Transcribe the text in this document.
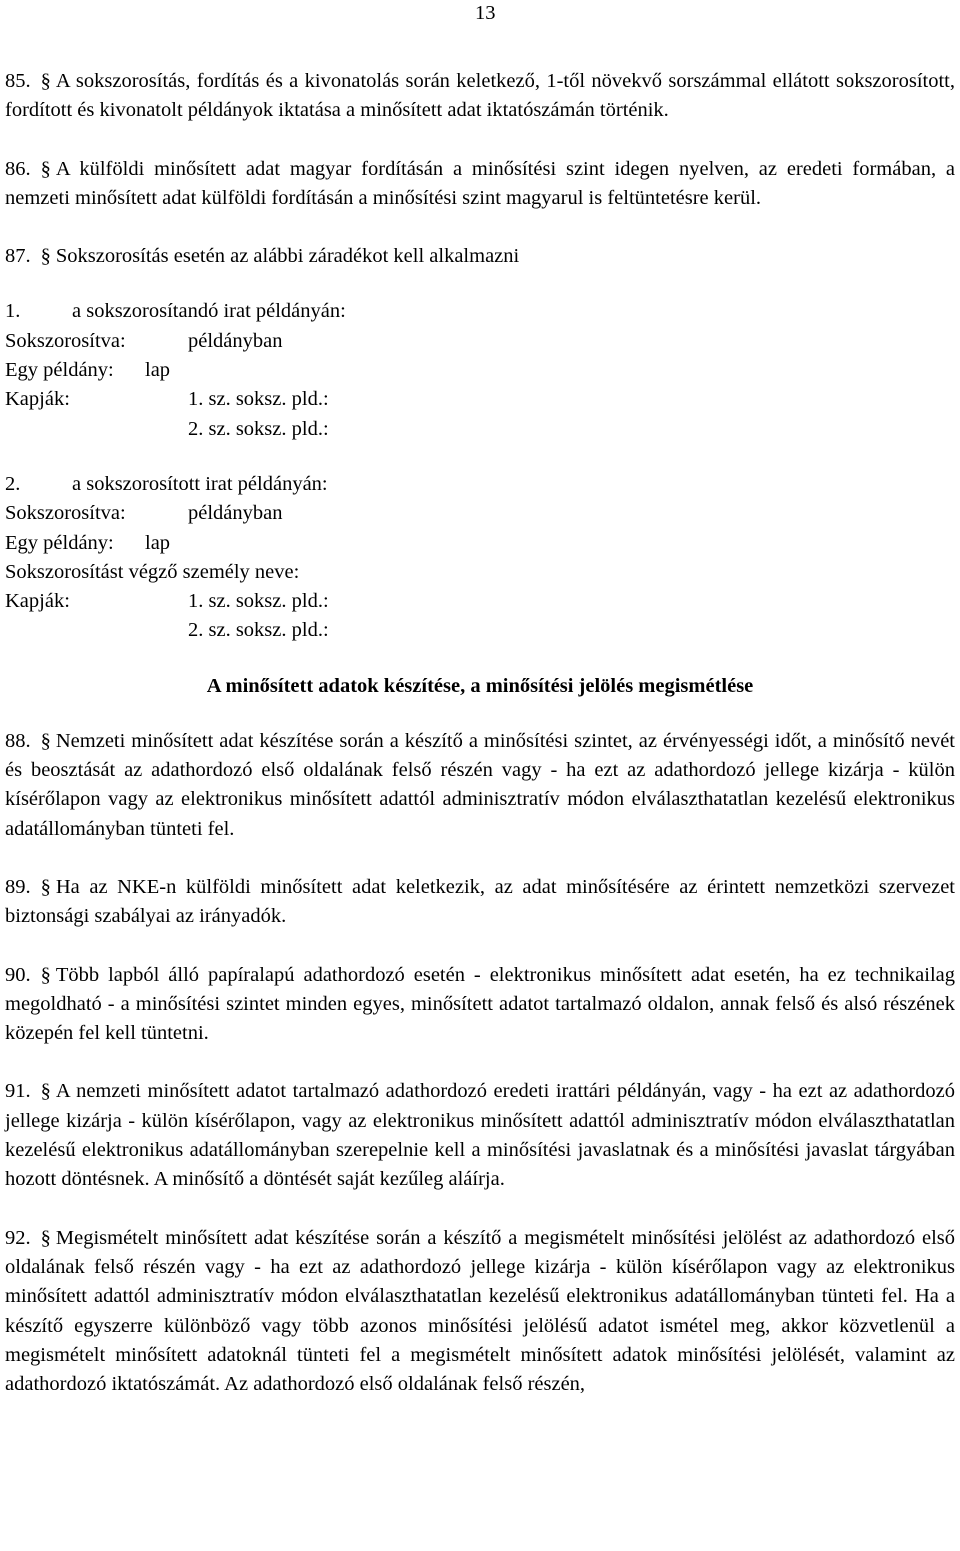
13

85. § A sokszorosítás, fordítás és a kivonatolás során keletkező, 1-től növekvő sorszámmal ellátott sokszorosított, fordított és kivonatolt példányok iktatása a minősített adat iktatószámán történik.

86. § A külföldi minősített adat magyar fordításán a minősítési szint idegen nyelven, az eredeti formában, a nemzeti minősített adat külföldi fordításán a minősítési szint magyarul is feltüntetésre kerül.

87. § Sokszorosítás esetén az alábbi záradékot kell alkalmazni

1.	a sokszorosítandó irat példányán:
Sokszorosítva:	példányban
Egy példány: lap
Kapják:	1. sz. soksz. pld.:
2. sz. soksz. pld.:
2.	a sokszorosított irat példányán:
Sokszorosítva:	példányban
Egy példány: lap
Sokszorosítást végző személy neve:
Kapják:	1. sz. soksz. pld.:
2. sz. soksz. pld.:

A minősített adatok készítése, a minősítési jelölés megismétlése

88. § Nemzeti minősített adat készítése során a készítő a minősítési szintet, az érvényességi időt, a minősítő nevét és beosztását az adathordozó első oldalának felső részén vagy - ha ezt az adathordozó jellege kizárja - külön kísérőlapon vagy az elektronikus minősített adattól adminisztratív módon elválaszthatatlan kezelésű elektronikus adatállományban tünteti fel.

89. § Ha az NKE-n külföldi minősített adat keletkezik, az adat minősítésére az érintett nemzetközi szervezet biztonsági szabályai az irányadók.

90. § Több lapból álló papíralapú adathordozó esetén - elektronikus minősített adat esetén, ha ez technikailag megoldható - a minősítési szintet minden egyes, minősített adatot tartalmazó oldalon, annak felső és alsó részének közepén fel kell tüntetni.

91. § A nemzeti minősített adatot tartalmazó adathordozó eredeti irattári példányán, vagy - ha ezt az adathordozó jellege kizárja - külön kísérőlapon, vagy az elektronikus minősített adattól adminisztratív módon elválaszthatatlan kezelésű elektronikus adatállományban szerepelnie kell a minősítési javaslatnak és a minősítési javaslat tárgyában hozott döntésnek. A minősítő a döntését saját kezűleg aláírja.

92. § Megismételt minősített adat készítése során a készítő a megismételt minősítési jelölést az adathordozó első oldalának felső részén vagy - ha ezt az adathordozó jellege kizárja - külön kísérőlapon vagy az elektronikus minősített adattól adminisztratív módon elválaszthatatlan kezelésű elektronikus adatállományban tünteti fel. Ha a készítő egyszerre különböző vagy több azonos minősítési jelölésű adatot ismétel meg, akkor közvetlenül a megismételt minősített adatoknál tünteti fel a megismételt minősített adatok minősítési jelölését, valamint az adathordozó iktatószámát. Az adathordozó első oldalának felső részén,
